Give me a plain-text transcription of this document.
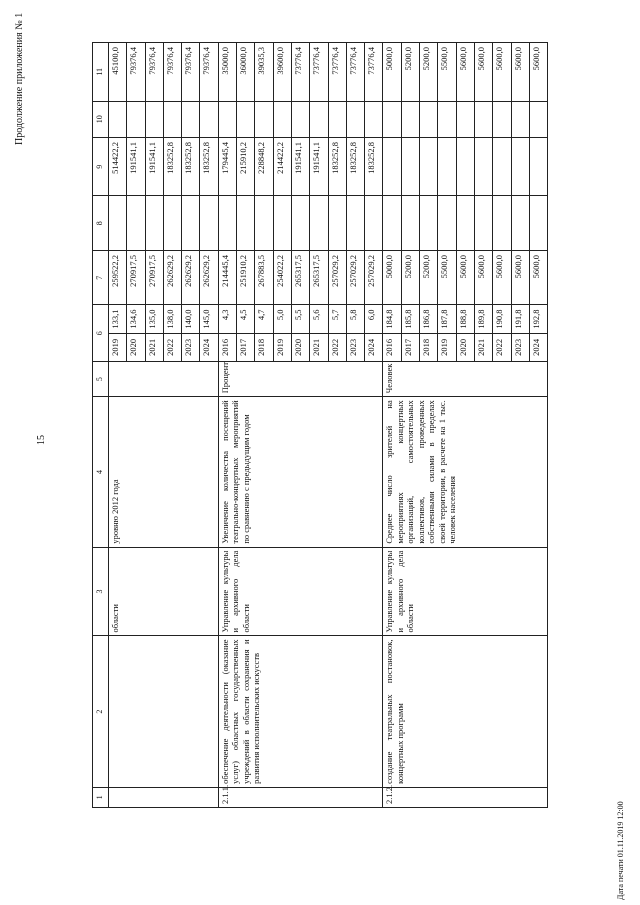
Продолжение приложения № 1
15
1	2	3	4	5	6		7	8	9	10	11
		области	уровню 2012 года		2019	133,1	259522,2		514422,2		45100,0
					2020	134,6	270917,5		191541,1		79376,4
					2021	135,0	270917,5		191541,1		79376,4
					2022	138,0	262629,2		183252,8		79376,4
					2023	140,0	262629,2		183252,8		79376,4
					2024	145,0	262629,2		183252,8		79376,4
2.1.1.	обеспечение деятельности (оказание услуг) областных государственных учреждений в области сохранения и развития исполнительских искусств	Управление культуры и архивного дела области	Увеличение количества посещений театрально-концертных мероприятий по сравнению с предыдущим годом	Процент	2016	4,3	214445,4		179445,4		35000,0
					2017	4,5	251910,2		215910,2		36000,0
					2018	4,7	267883,5		228848,2		39035,3
					2019	5,0	254022,2		214422,2		39600,0
					2020	5,5	265317,5		191541,1		73776,4
					2021	5,6	265317,5		191541,1		73776,4
					2022	5,7	257029,2		183252,8		73776,4
					2023	5,8	257029,2		183252,8		73776,4
					2024	6,0	257029,2		183252,8		73776,4
2.1.2.	создание театральных постановок, концертных программ	Управление культуры и архивного дела области	Среднее число зрителей на мероприятиях концертных организаций, самостоятельных коллективов, проведенных собственными силами в пределах своей территории, в расчете на 1 тыс. человек населения	Человек	2016	184,8	5000,0				5000,0
					2017	185,8	5200,0				5200,0
					2018	186,8	5200,0				5200,0
					2019	187,8	5500,0				5500,0
					2020	188,8	5600,0				5600,0
					2021	189,8	5600,0				5600,0
					2022	190,8	5600,0				5600,0
					2023	191,8	5600,0				5600,0
					2024	192,8	5600,0				5600,0
Дата печати 01.11.2019 12:00
